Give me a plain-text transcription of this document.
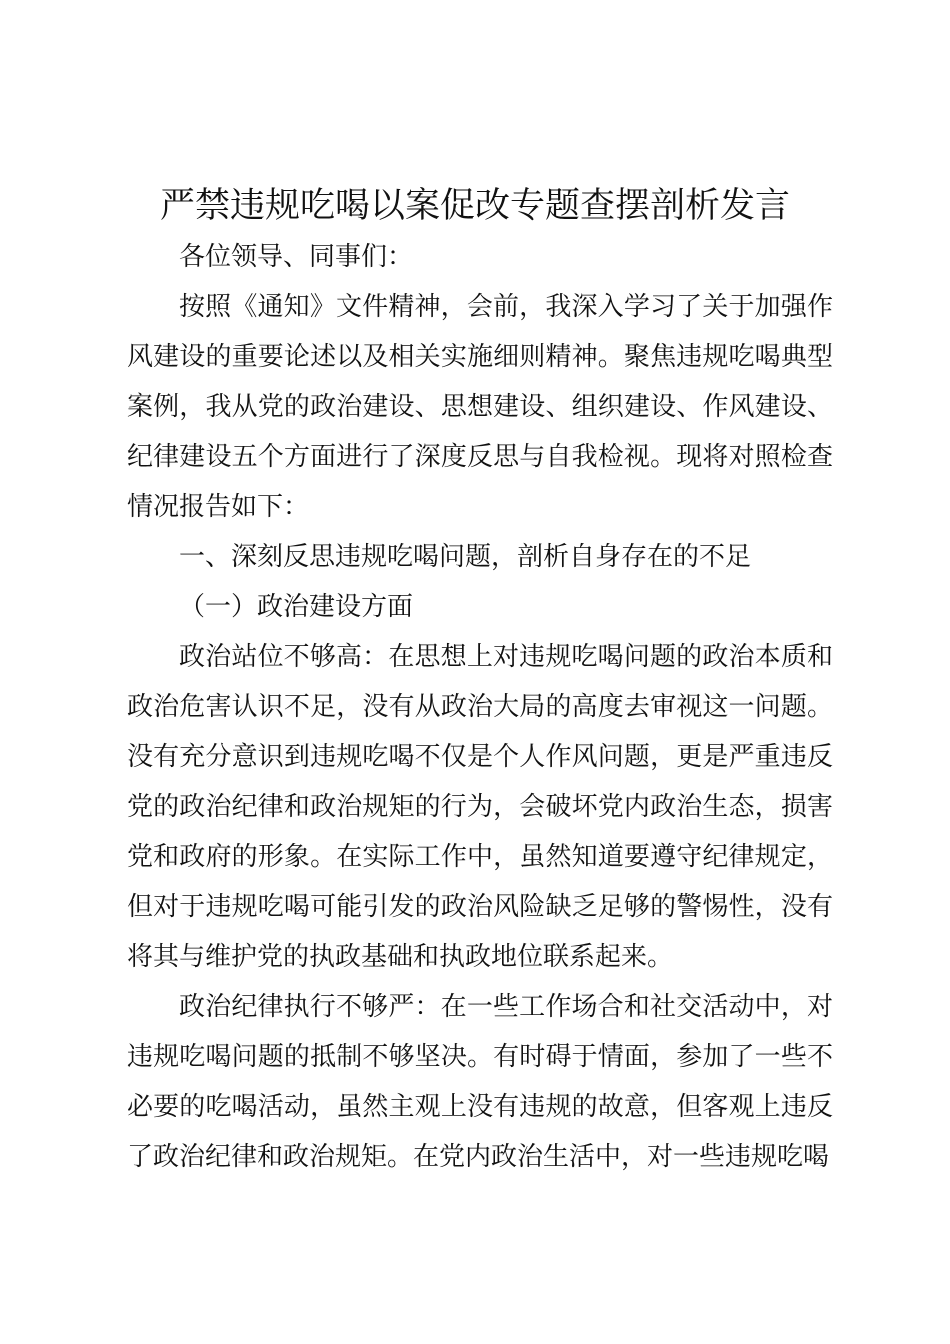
严禁违规吃喝以案促改专题查摆剖析发言

各位领导、同事们：

按照《通知》文件精神，会前，我深入学习了关于加强作风建设的重要论述以及相关实施细则精神。聚焦违规吃喝典型案例，我从党的政治建设、思想建设、组织建设、作风建设、纪律建设五个方面进行了深度反思与自我检视。现将对照检查情况报告如下：

一、深刻反思违规吃喝问题，剖析自身存在的不足

（一）政治建设方面

政治站位不够高：在思想上对违规吃喝问题的政治本质和政治危害认识不足，没有从政治大局的高度去审视这一问题。没有充分意识到违规吃喝不仅是个人作风问题，更是严重违反党的政治纪律和政治规矩的行为，会破坏党内政治生态，损害党和政府的形象。在实际工作中，虽然知道要遵守纪律规定，但对于违规吃喝可能引发的政治风险缺乏足够的警惕性，没有将其与维护党的执政基础和执政地位联系起来。

政治纪律执行不够严：在一些工作场合和社交活动中，对违规吃喝问题的抵制不够坚决。有时碍于情面，参加了一些不必要的吃喝活动，虽然主观上没有违规的故意，但客观上违反了政治纪律和政治规矩。在党内政治生活中，对一些违规吃喝
